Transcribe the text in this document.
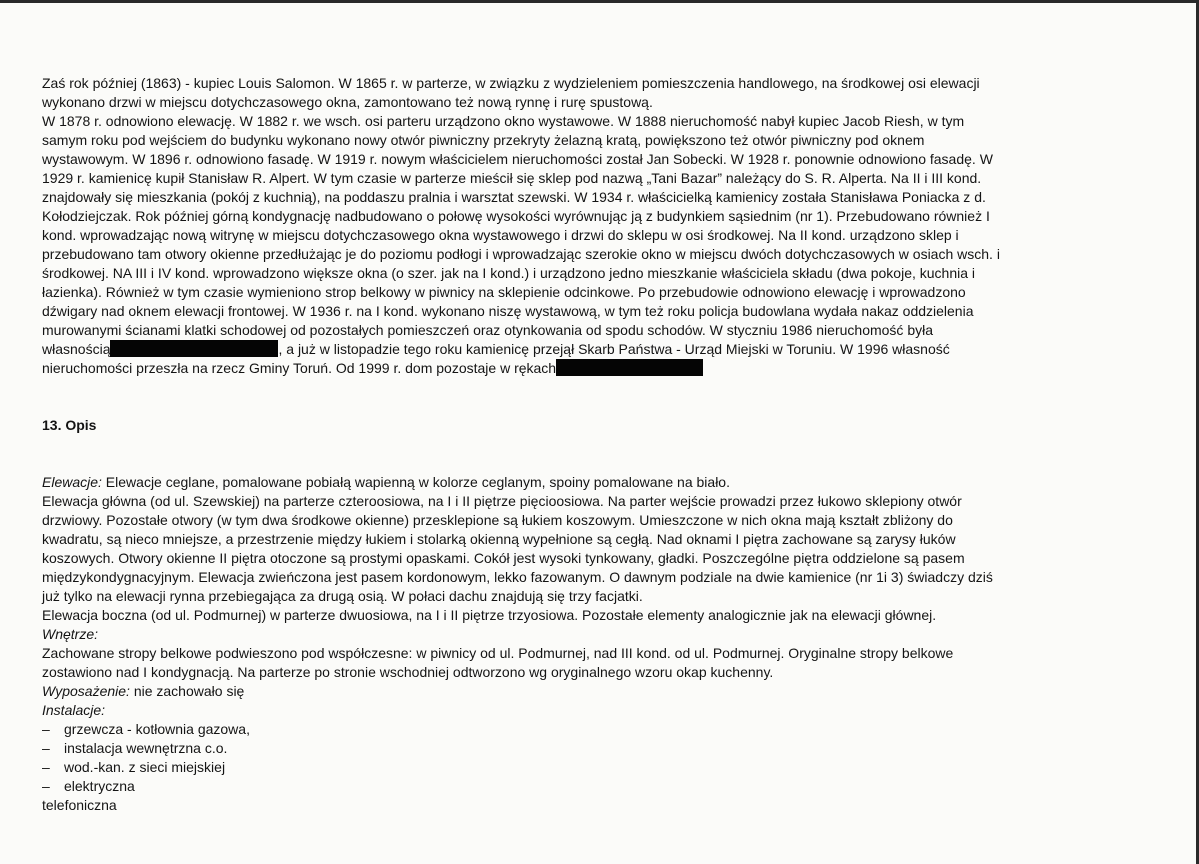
Zaś rok później (1863) - kupiec Louis Salomon. W 1865 r. w parterze, w związku z wydzieleniem pomieszczenia handlowego, na środkowej osi elewacji
wykonano drzwi w miejscu dotychczasowego okna, zamontowano też nową rynnę i rurę spustową.
W 1878 r. odnowiono elewację. W 1882 r. we wsch. osi parteru urządzono okno wystawowe. W 1888 nieruchomość nabył kupiec Jacob Riesh, w tym
samym roku pod wejściem do budynku wykonano nowy otwór piwniczny przekryty żelazną kratą, powiększono też otwór piwniczny pod oknem
wystawowym. W 1896 r. odnowiono fasadę. W 1919 r. nowym właścicielem nieruchomości został Jan Sobecki. W 1928 r. ponownie odnowiono fasadę. W
1929 r. kamienicę kupił Stanisław R. Alpert. W tym czasie w parterze mieścił się sklep pod nazwą „Tani Bazar” należący do S. R. Alperta. Na II i III kond.
znajdowały się mieszkania (pokój z kuchnią), na poddaszu pralnia i warsztat szewski. W 1934 r. właścicielką kamienicy została Stanisława Poniacka z d.
Kołodziejczak. Rok później górną kondygnację nadbudowano o połowę wysokości wyrównując ją z budynkiem sąsiednim (nr 1). Przebudowano również I
kond. wprowadzając nową witrynę w miejscu dotychczasowego okna wystawowego i drzwi do sklepu w osi środkowej. Na II kond. urządzono sklep i
przebudowano tam otwory okienne przedłużając je do poziomu podłogi i wprowadzając szerokie okno w miejscu dwóch dotychczasowych w osiach wsch. i
środkowej. NA III i IV kond. wprowadzono większe okna (o szer. jak na I kond.) i urządzono jedno mieszkanie właściciela składu (dwa pokoje, kuchnia i
łazienka). Również w tym czasie wymieniono strop belkowy w piwnicy na sklepienie odcinkowe. Po przebudowie odnowiono elewację i wprowadzono
dźwigary nad oknem elewacji frontowej. W 1936 r. na I kond. wykonano niszę wystawową, w tym też roku policja budowlana wydała nakaz oddzielenia
murowanymi ścianami klatki schodowej od pozostałych pomieszczeń oraz otynkowania od spodu schodów. W styczniu 1986 nieruchomość była
własnością	, a już w listopadzie tego roku kamienicę przejął Skarb Państwa - Urząd Miejski w Toruniu. W 1996 własność
nieruchomości przeszła na rzecz Gminy Toruń. Od 1999 r. dom pozostaje w rękach
13. Opis
Elewacje: Elewacje ceglane, pomalowane pobiałą wapienną w kolorze ceglanym, spoiny pomalowane na biało.
Elewacja główna (od ul. Szewskiej) na parterze czteroosiowa, na I i II piętrze pięcioosiowa. Na parter wejście prowadzi przez łukowo sklepiony otwór
drzwiowy. Pozostałe otwory (w tym dwa środkowe okienne) przesklepione są łukiem koszowym. Umieszczone w nich okna mają kształt zbliżony do
kwadratu, są nieco mniejsze, a przestrzenie między łukiem i stolarką okienną wypełnione są cegłą. Nad oknami I piętra zachowane są zarysy łuków
koszowych. Otwory okienne II piętra otoczone są prostymi opaskami. Cokół jest wysoki tynkowany, gładki. Poszczególne piętra oddzielone są pasem
międzykondygnacyjnym. Elewacja zwieńczona jest pasem kordonowym, lekko fazowanym. O dawnym podziale na dwie kamienice (nr 1i 3) świadczy dziś
już tylko na elewacji rynna przebiegająca za drugą osią. W połaci dachu znajdują się trzy facjatki.
Elewacja boczna (od ul. Podmurnej) w parterze dwuosiowa, na I i II piętrze trzyosiowa. Pozostałe elementy analogicznie jak na elewacji głównej.
Wnętrze:
Zachowane stropy belkowe podwieszono pod współczesne: w piwnicy od ul. Podmurnej, nad III kond. od ul. Podmurnej. Oryginalne stropy belkowe
zostawiono nad I kondygnacją. Na parterze po stronie wschodniej odtworzono wg oryginalnego wzoru okap kuchenny.
Wyposażenie: nie zachowało się
Instalacje:
– grzewcza - kotłownia gazowa,
– instalacja wewnętrzna c.o.
– wod.-kan. z sieci miejskiej
– elektryczna
telefoniczna
